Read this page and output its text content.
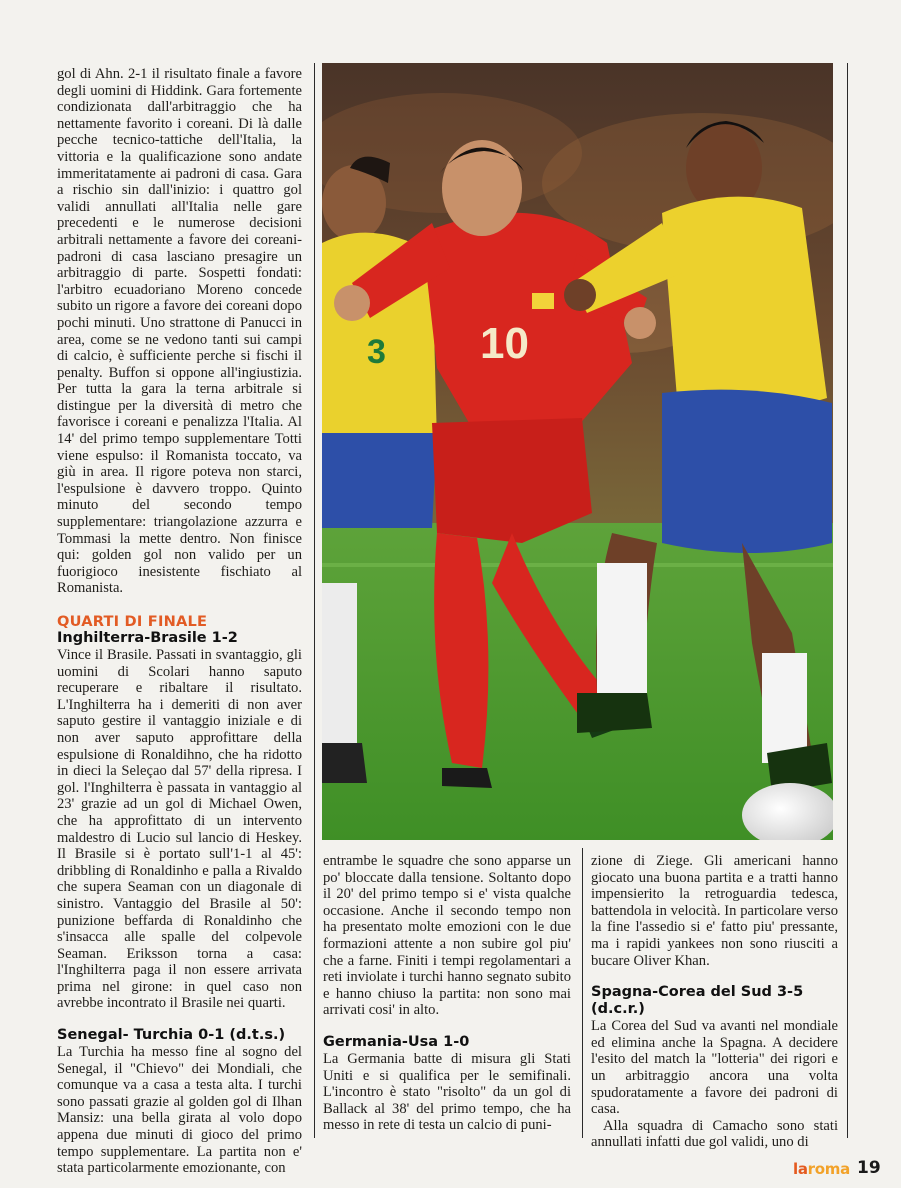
gol di Ahn. 2-1 il risultato finale a favore degli uomini di Hiddink. Gara fortemente condizionata dall'arbitraggio che ha nettamente favorito i coreani. Di là dalle pecche tecnico-tattiche dell'Italia, la vittoria e la qualificazione sono andate immeritatamente ai padroni di casa. Gara a rischio sin dall'inizio: i quattro gol validi annullati all'Italia nelle gare precedenti e le numerose decisioni arbitrali nettamente a favore dei coreani-padroni di casa lasciano presagire un arbitraggio di parte. Sospetti fondati: l'arbitro ecuadoriano Moreno concede subito un rigore a favore dei coreani dopo pochi minuti. Uno strattone di Panucci in area, come se ne vedono tanti sui campi di calcio, è sufficiente perche si fischi il penalty. Buffon si oppone all'ingiustizia. Per tutta la gara la terna arbitrale si distingue per la diversità di metro che favorisce i coreani e penalizza l'Italia. Al 14' del primo tempo supplementare Totti viene espulso: il Romanista toccato, va giù in area. Il rigore poteva non starci, l'espulsione è davvero troppo. Quinto minuto del secondo tempo supplementare: triangolazione azzurra e Tommasi la mette dentro. Non finisce qui: golden gol non valido per un fuorigioco inesistente fischiato al Romanista.

QUARTI DI FINALE

Inghilterra-Brasile 1-2

Vince il Brasile. Passati in svantaggio, gli uomini di Scolari hanno saputo recuperare e ribaltare il risultato. L'Inghilterra ha i demeriti di non aver saputo gestire il vantaggio iniziale e di non aver saputo approfittare della espulsione di Ronaldihno, che ha ridotto in dieci la Seleçao dal 57' della ripresa. I gol. l'Inghilterra è passata in vantaggio al 23' grazie ad un gol di Michael Owen, che ha approfittato di un intervento maldestro di Lucio sul lancio di Heskey. Il Brasile si è portato sull'1-1 al 45': dribbling di Ronaldinho e palla a Rivaldo che supera Seaman con un diagonale di sinistro. Vantaggio del Brasile al 50': punizione beffarda di Ronaldinho che s'insacca alle spalle del colpevole Seaman. Eriksson torna a casa: l'Inghilterra paga il non essere arrivata prima nel girone: in quel caso non avrebbe incontrato il Brasile nei quarti.

Senegal- Turchia 0-1 (d.t.s.)

La Turchia ha messo fine al sogno del Senegal, il "Chievo" dei Mondiali, che comunque va a casa a testa alta. I turchi sono passati grazie al golden gol di Ilhan Mansiz: una bella girata al volo dopo appena due minuti di gioco del primo tempo supplementare. La partita non e' stata particolarmente emozionante, con

3 10

entrambe le squadre che sono apparse un po' bloccate dalla tensione. Soltanto dopo il 20' del primo tempo si e' vista qualche occasione. Anche il secondo tempo non ha presentato molte emozioni con le due formazioni attente a non subire gol piu' che a farne. Finiti i tempi regolamentari a reti inviolate i turchi hanno segnato subito e hanno chiuso la partita: non sono mai arrivati cosi' in alto.

Germania-Usa 1-0

La Germania batte di misura gli Stati Uniti e si qualifica per le semifinali. L'incontro è stato "risolto" da un gol di Ballack al 38' del primo tempo, che ha messo in rete di testa un calcio di puni-

zione di Ziege. Gli americani hanno giocato una buona partita e a tratti hanno impensierito la retroguardia tedesca, battendola in velocità. In particolare verso la fine l'assedio si e' fatto piu' pressante, ma i rapidi yankees non sono riusciti a bucare Oliver Khan.

Spagna-Corea del Sud 3-5

(d.c.r.)

La Corea del Sud va avanti nel mondiale ed elimina anche la Spagna. A decidere l'esito del match la "lotteria" dei rigori e un arbitraggio ancora una volta spudoratamente a favore dei padroni di casa.

Alla squadra di Camacho sono stati annullati infatti due gol validi, uno di

laroma 19
